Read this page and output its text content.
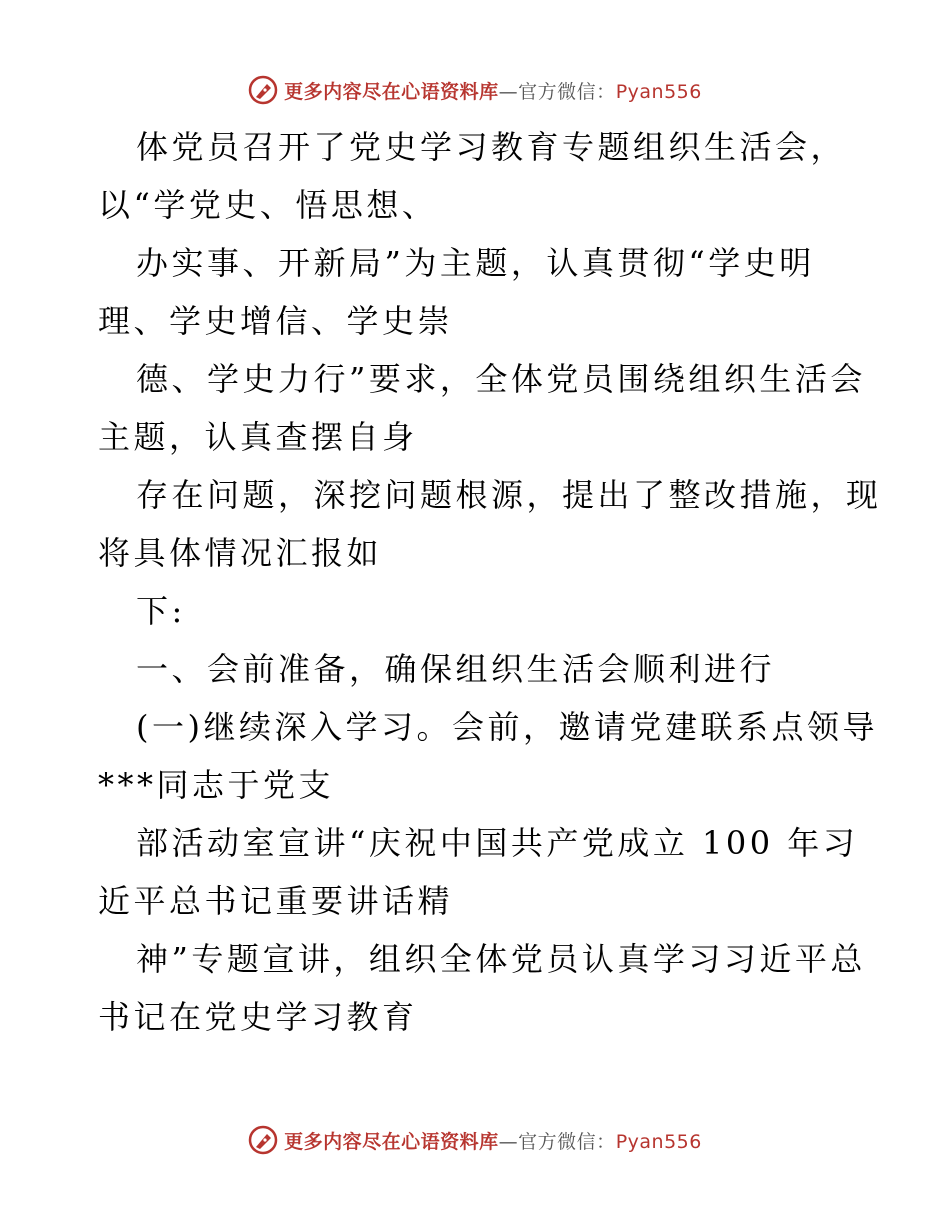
更多内容尽在心语资料库—官方微信：Pyan556
体党员召开了党史学习教育专题组织生活会，
以“学党史、悟思想、
办实事、开新局”为主题，认真贯彻“学史明
理、学史增信、学史崇
德、学史力行”要求，全体党员围绕组织生活会
主题，认真查摆自身
存在问题，深挖问题根源，提出了整改措施，现
将具体情况汇报如
下:
一、会前准备，确保组织生活会顺利进行
(一)继续深入学习。会前，邀请党建联系点领导
***同志于党支
部活动室宣讲“庆祝中国共产党成立 100 年习
近平总书记重要讲话精
神”专题宣讲，组织全体党员认真学习习近平总
书记在党史学习教育
更多内容尽在心语资料库—官方微信：Pyan556
